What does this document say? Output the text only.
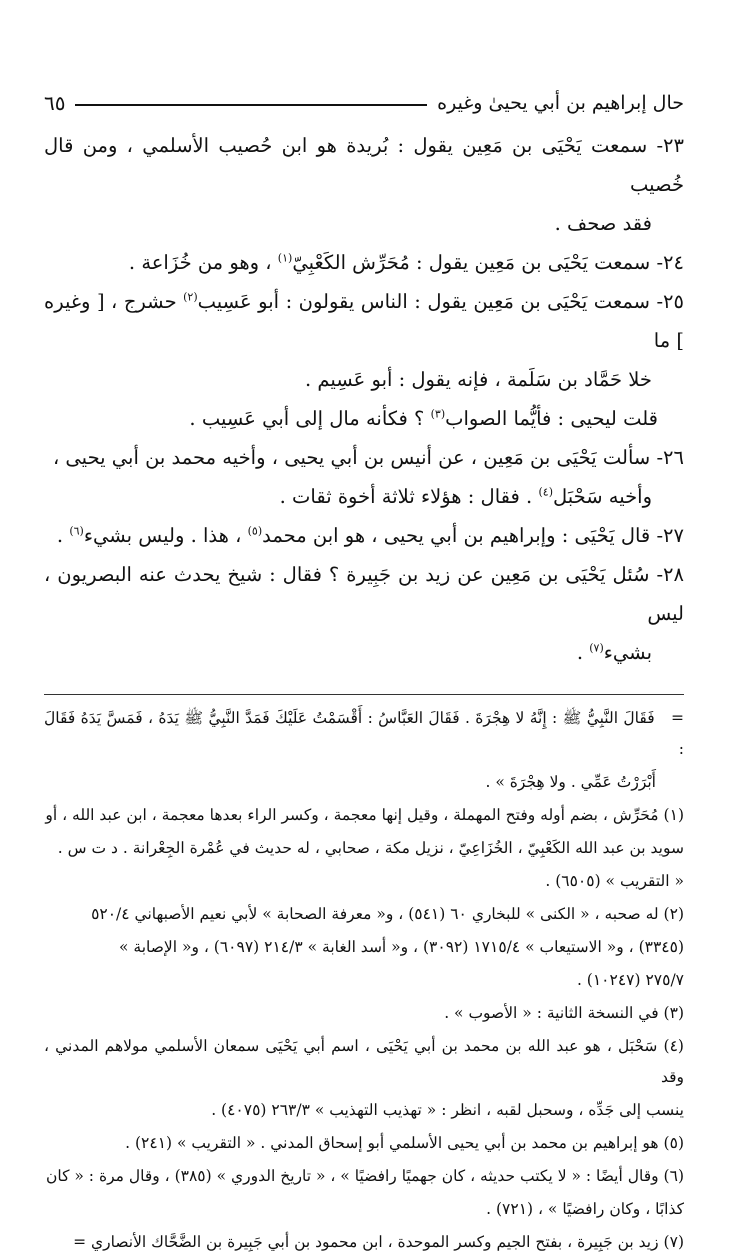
حال إبراهيم بن أبي يحيىٰ وغيره
٦٥
٢٣- سمعت يَحْيَى بن مَعِين يقول : بُريدة هو ابن حُصيب الأسلمي ، ومن قال خُصيب
فقد صحف .
٢٤- سمعت يَحْيَى بن مَعِين يقول : مُحَرِّش الكَعْبِيّ$^{(١)}$ ، وهو من خُزَاعة .
٢٥- سمعت يَحْيَى بن مَعِين يقول : الناس يقولون : أبو عَسِيب$^{(٢)}$ حشرج ، [ وغيره ] ما
خلا حَمَّاد بن سَلَمة ، فإنه يقول : أبو عَسِيم .
قلت ليحيى : فأيُّما الصواب$^{(٣)}$ ؟ فكأنه مال إلى أبي عَسِيب .
٢٦- سألت يَحْيَى بن مَعِين ، عن أنيس بن أبي يحيى ، وأخيه محمد بن أبي يحيى ،
وأخيه سَحْبَل$^{(٤)}$ . فقال : هؤلاء ثلاثة أخوة ثقات .
٢٧- قال يَحْيَى : وإبراهيم بن أبي يحيى ، هو ابن محمد$^{(٥)}$ ، هذا . وليس بشيء$^{(٦)}$ .
٢٨- سُئل يَحْيَى بن مَعِين عن زيد بن جَبِيرة ؟ فقال : شيخ يحدث عنه البصريون ، ليس
بشيء$^{(٧)}$ .
= فَقَالَ النَّبِيُّ ﷺ : إِنَّهُ لا هِجْرَةَ . فَقَالَ العَبَّاسُ : أَقْسَمْتُ عَلَيْكَ فَمَدَّ النَّبِيُّ ﷺ يَدَهُ ، فَمَسَّ يَدَهُ فَقَالَ :
أَبْرَرْتُ عَمِّي . ولا هِجْرَةَ » .
(١) مُحَرِّش ، بضم أوله وفتح المهملة ، وقيل إنها معجمة ، وكسر الراء بعدها معجمة ، ابن عبد الله ، أو
سويد بن عبد الله الكَعْبِيّ ، الخُزَاعِيّ ، نزيل مكة ، صحابي ، له حديث في عُمْرة الجِعْرانة . د ت س .
« التقريب » (٦٥٠٥) .
(٢) له صحبه ، « الكنى » للبخاري ٦٠ (٥٤١) ، و« معرفة الصحابة » لأبي نعيم الأصبهاني ٥٢٠/٤
(٣٣٤٥) ، و« الاستيعاب » ١٧١٥/٤ (٣٠٩٢) ، و« أسد الغابة » ٢١٤/٣ (٦٠٩٧) ، و« الإصابة »
٢٧٥/٧ (١٠٢٤٧) .
(٣) في النسخة الثانية : « الأصوب » .
(٤) سَحْبَل ، هو عبد الله بن محمد بن أبي يَحْيَى ، اسم أبي يَحْيَى سمعان الأسلمي مولاهم المدني ، وقد
ينسب إلى جَدِّه ، وسحبل لقبه ، انظر : « تهذيب التهذيب » ٢٦٣/٣ (٤٠٧٥) .
(٥) هو إبراهيم بن محمد بن أبي يحيى الأسلمي أبو إسحاق المدني . « التقريب » (٢٤١) .
(٦) وقال أيضًا : « لا يكتب حديثه ، كان جهميًا رافضيًا » ، « تاريخ الدوري » (٣٨٥) ، وقال مرة : « كان
كذابًا ، وكان رافضيًا » ، (٧٢١) .
(٧) زيد بن جَبِيرة ، بفتح الجيم وكسر الموحدة ، ابن محمود بن أبي جَبِيرة بن الضَّحَّاك الأنصاري =
